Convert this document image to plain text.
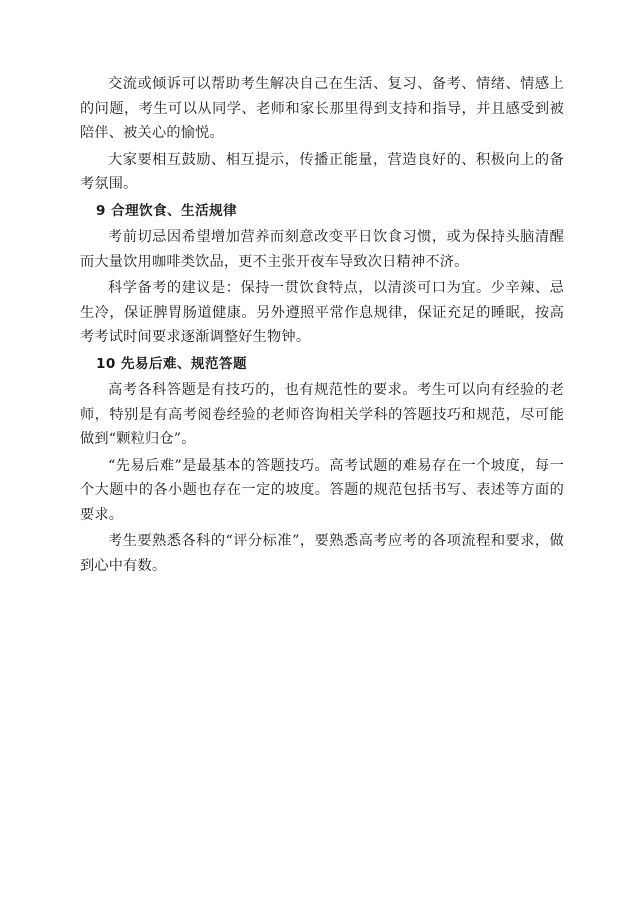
交流或倾诉可以帮助考生解决自己在生活、复习、备考、情绪、情感上的问题，考生可以从同学、老师和家长那里得到支持和指导，并且感受到被陪伴、被关心的愉悦。

大家要相互鼓励、相互提示，传播正能量，营造良好的、积极向上的备考氛围。

9 合理饮食、生活规律

考前切忌因希望增加营养而刻意改变平日饮食习惯，或为保持头脑清醒而大量饮用咖啡类饮品，更不主张开夜车导致次日精神不济。

科学备考的建议是：保持一贯饮食特点，以清淡可口为宜。少辛辣、忌生冷，保证脾胃肠道健康。另外遵照平常作息规律，保证充足的睡眠，按高考考试时间要求逐渐调整好生物钟。

10 先易后难、规范答题

高考各科答题是有技巧的，也有规范性的要求。考生可以向有经验的老师，特别是有高考阅卷经验的老师咨询相关学科的答题技巧和规范，尽可能做到“颗粒归仓”。

“先易后难”是最基本的答题技巧。高考试题的难易存在一个坡度，每一个大题中的各小题也存在一定的坡度。答题的规范包括书写、表述等方面的要求。

考生要熟悉各科的“评分标准”，要熟悉高考应考的各项流程和要求，做到心中有数。
